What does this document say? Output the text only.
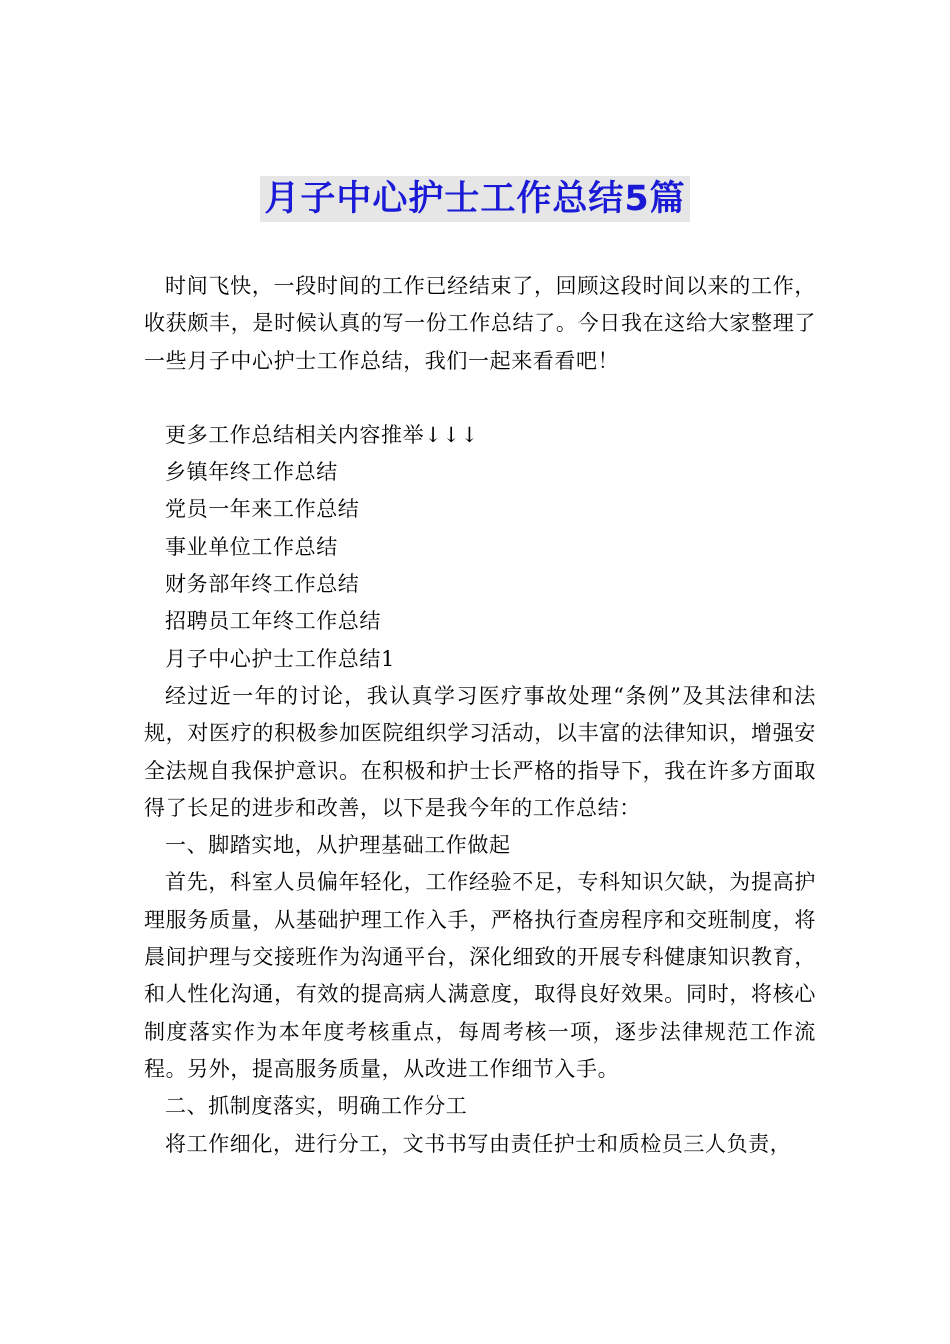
月子中心护士工作总结5篇

时间飞快，一段时间的工作已经结束了，回顾这段时间以来的工作，收获颇丰，是时候认真的写一份工作总结了。今日我在这给大家整理了一些月子中心护士工作总结，我们一起来看看吧！

更多工作总结相关内容推举↓↓↓

乡镇年终工作总结

党员一年来工作总结

事业单位工作总结

财务部年终工作总结

招聘员工年终工作总结

月子中心护士工作总结1

经过近一年的讨论，我认真学习医疗事故处理“条例”及其法律和法规，对医疗的积极参加医院组织学习活动，以丰富的法律知识，增强安全法规自我保护意识。在积极和护士长严格的指导下，我在许多方面取得了长足的进步和改善，以下是我今年的工作总结：

一、脚踏实地，从护理基础工作做起

首先，科室人员偏年轻化，工作经验不足，专科知识欠缺，为提高护理服务质量，从基础护理工作入手，严格执行查房程序和交班制度，将晨间护理与交接班作为沟通平台，深化细致的开展专科健康知识教育，和人性化沟通，有效的提高病人满意度，取得良好效果。同时，将核心制度落实作为本年度考核重点，每周考核一项，逐步法律规范工作流程。另外，提高服务质量，从改进工作细节入手。

二、抓制度落实，明确工作分工

将工作细化，进行分工，文书书写由责任护士和质检员三人负责，
